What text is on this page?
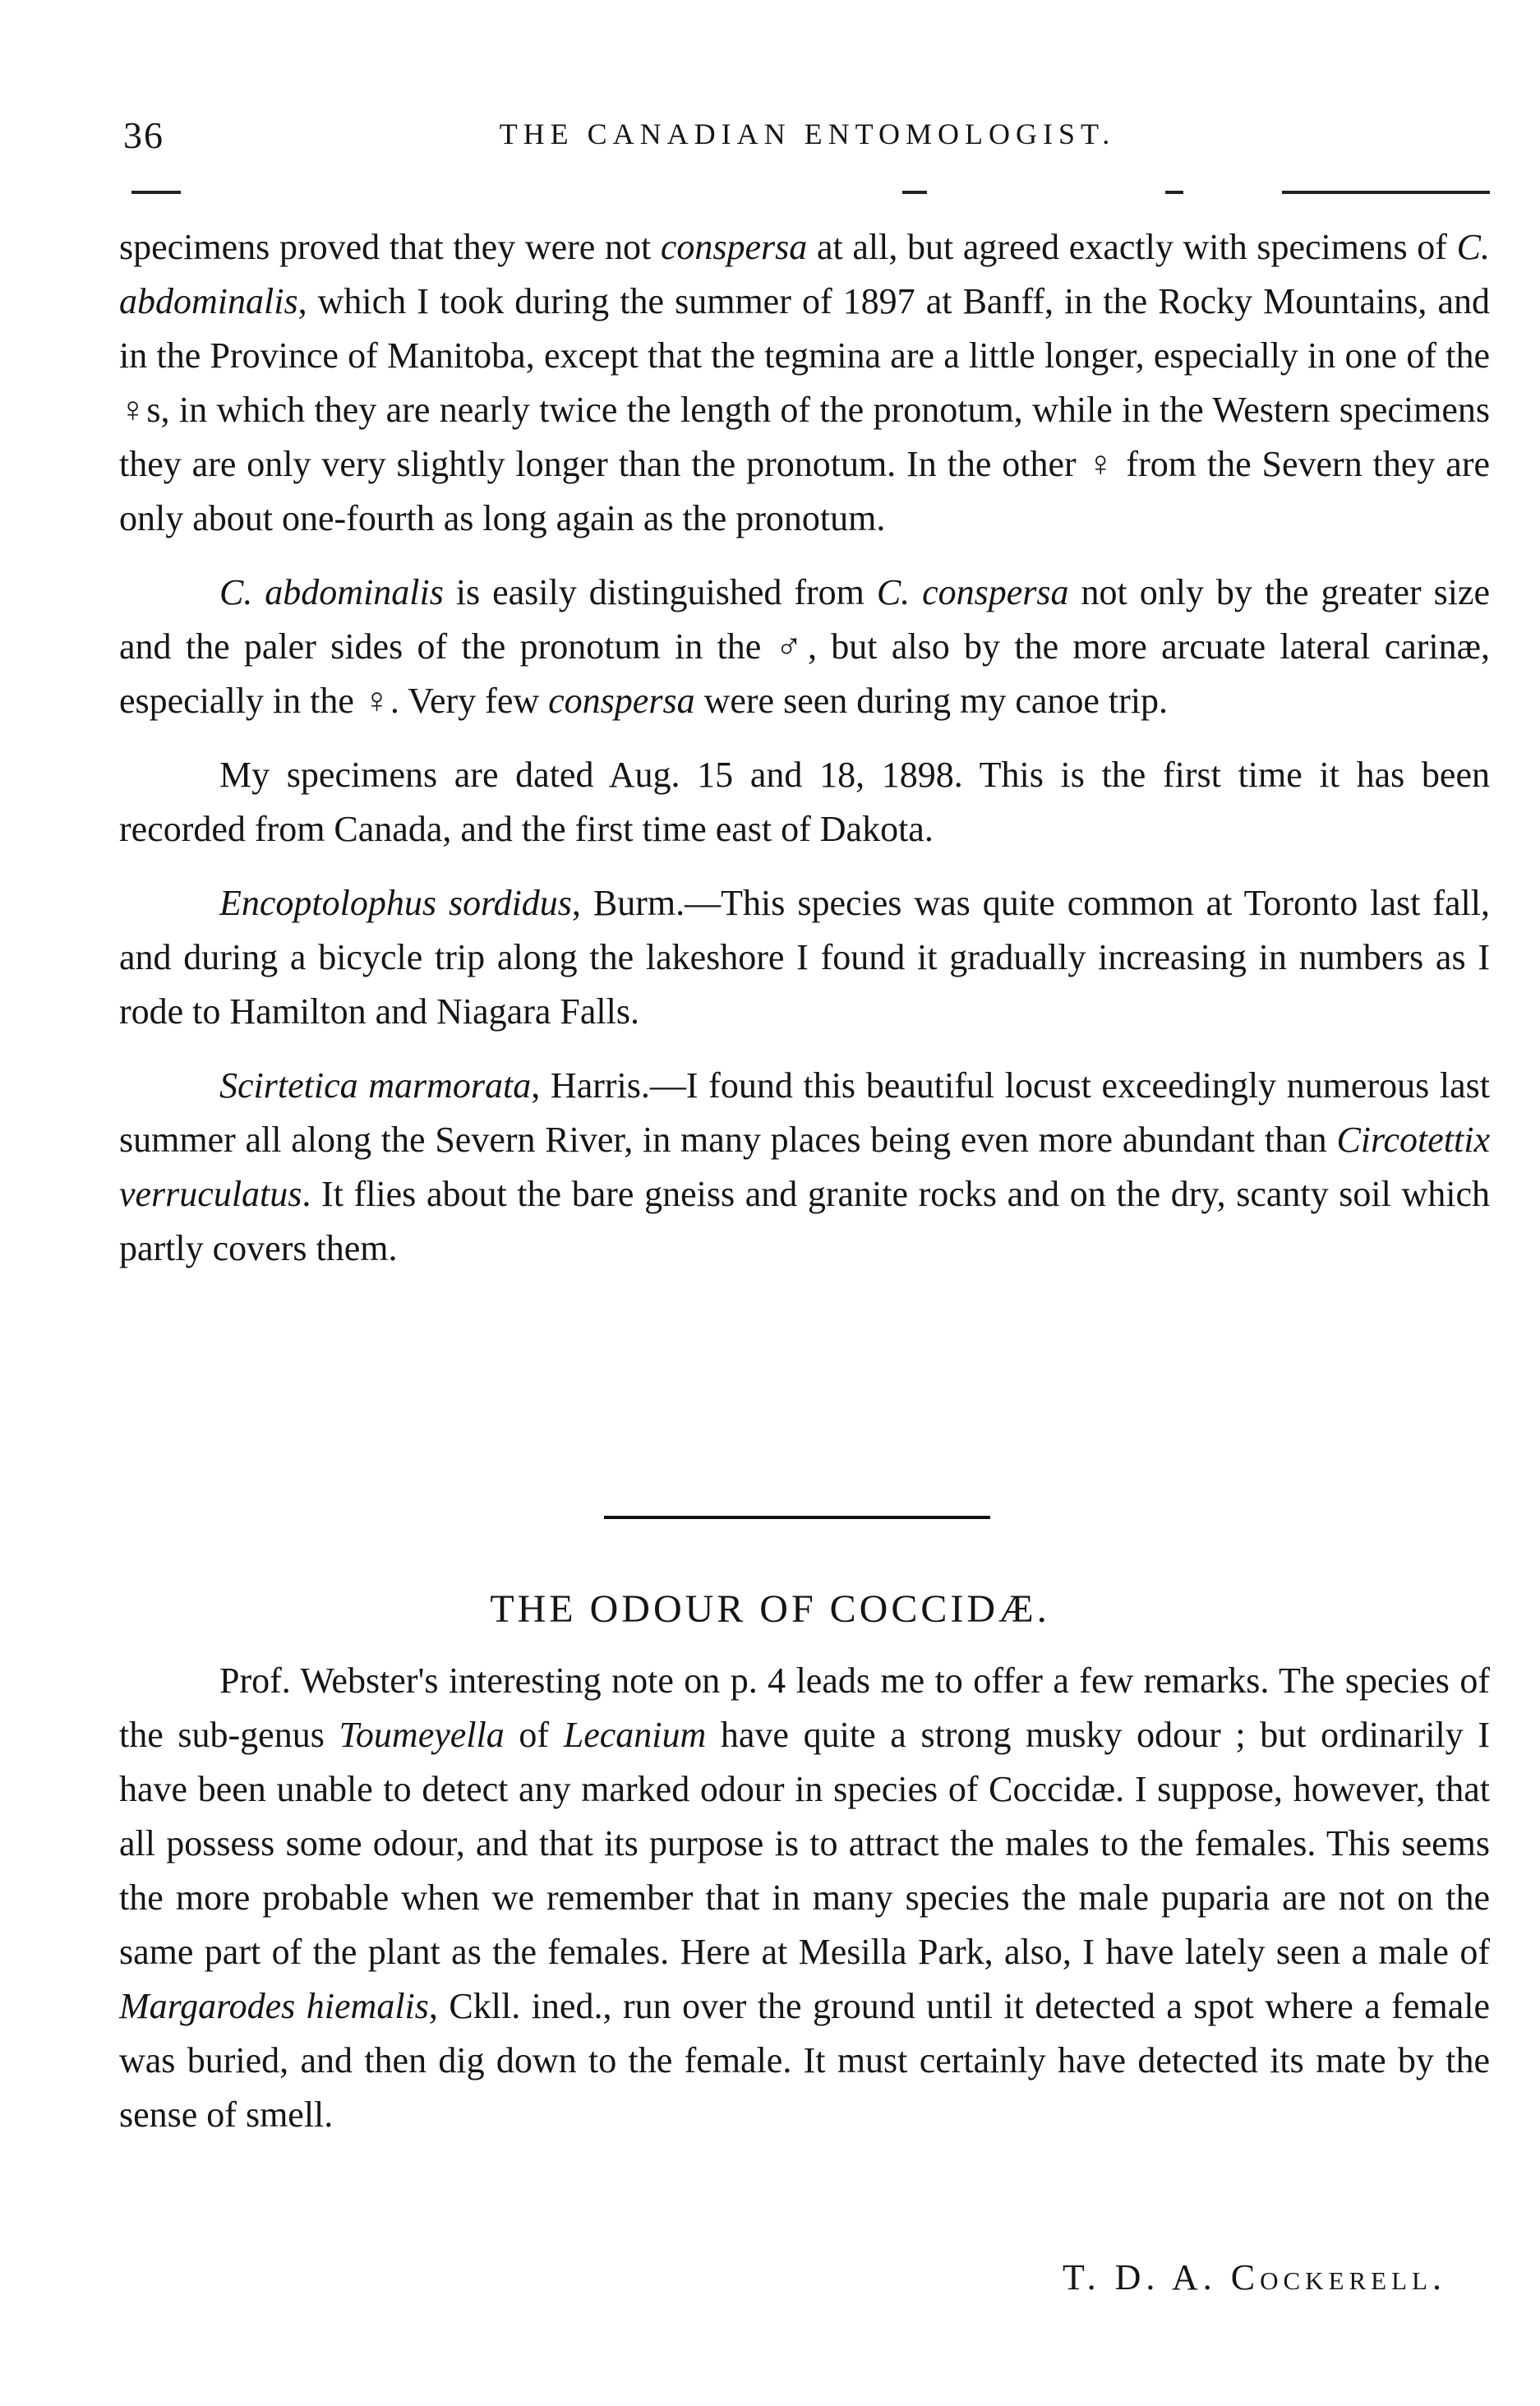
36	THE CANADIAN ENTOMOLOGIST.

specimens proved that they were not conspersa at all, but agreed exactly with specimens of C. abdominalis, which I took during the summer of 1897 at Banff, in the Rocky Mountains, and in the Province of Manitoba, except that the tegmina are a little longer, especially in one of the ♀s, in which they are nearly twice the length of the pronotum, while in the Western specimens they are only very slightly longer than the pronotum. In the other ♀ from the Severn they are only about one-fourth as long again as the pronotum.

C. abdominalis is easily distinguished from C. conspersa not only by the greater size and the paler sides of the pronotum in the ♂, but also by the more arcuate lateral carinæ, especially in the ♀. Very few conspersa were seen during my canoe trip.

My specimens are dated Aug. 15 and 18, 1898. This is the first time it has been recorded from Canada, and the first time east of Dakota.

Encoptolophus sordidus, Burm.—This species was quite common at Toronto last fall, and during a bicycle trip along the lakeshore I found it gradually increasing in numbers as I rode to Hamilton and Niagara Falls.

Scirtetica marmorata, Harris.—I found this beautiful locust exceedingly numerous last summer all along the Severn River, in many places being even more abundant than Circotettix verruculatus. It flies about the bare gneiss and granite rocks and on the dry, scanty soil which partly covers them.

THE ODOUR OF COCCIDÆ.

Prof. Webster's interesting note on p. 4 leads me to offer a few remarks. The species of the sub-genus Toumeyella of Lecanium have quite a strong musky odour ; but ordinarily I have been unable to detect any marked odour in species of Coccidæ. I suppose, however, that all possess some odour, and that its purpose is to attract the males to the females. This seems the more probable when we remember that in many species the male puparia are not on the same part of the plant as the females. Here at Mesilla Park, also, I have lately seen a male of Margarodes hiemalis, Ckll. ined., run over the ground until it detected a spot where a female was buried, and then dig down to the female. It must certainly have detected its mate by the sense of smell.

T. D. A. Cockerell.
